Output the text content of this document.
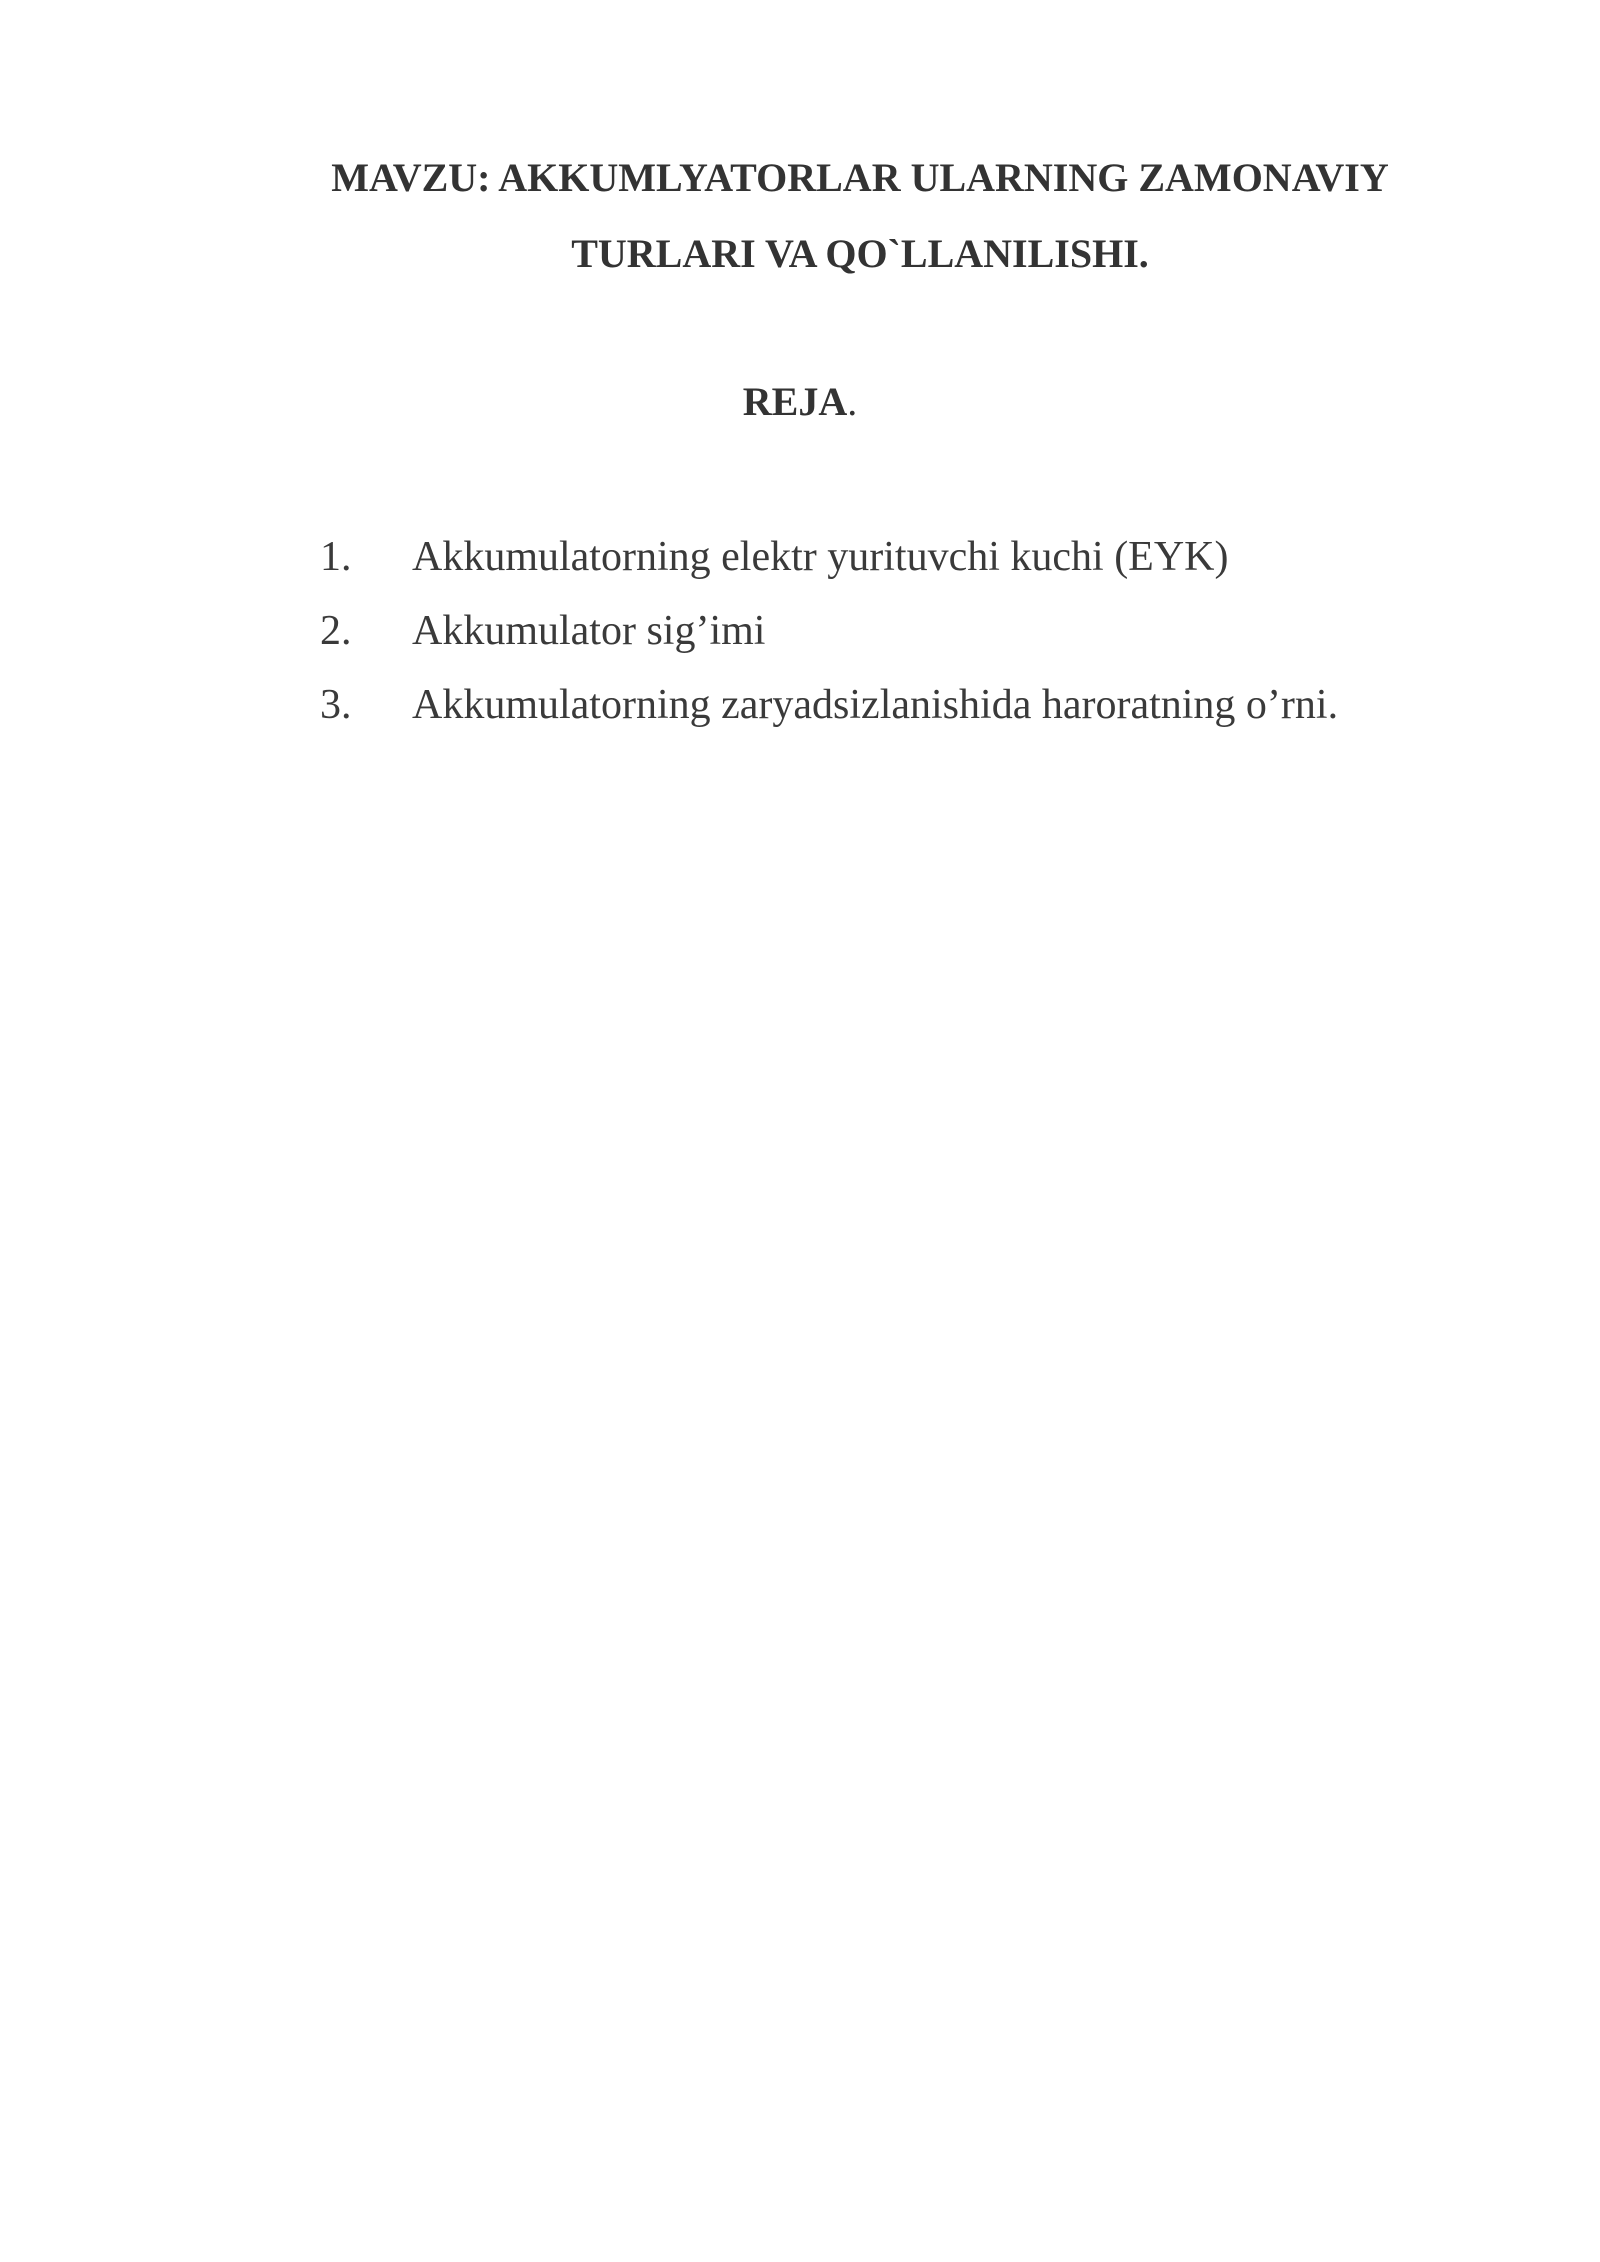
MAVZU: AKKUMLYATORLAR ULARNING ZAMONAVIY
TURLARI VA QO`LLANILISHI.

REJA.

1. Akkumulatorning elektr yurituvchi kuchi (EYK)
2. Akkumulator sig’imi
3. Akkumulatorning zaryadsizlanishida haroratning o’rni.
